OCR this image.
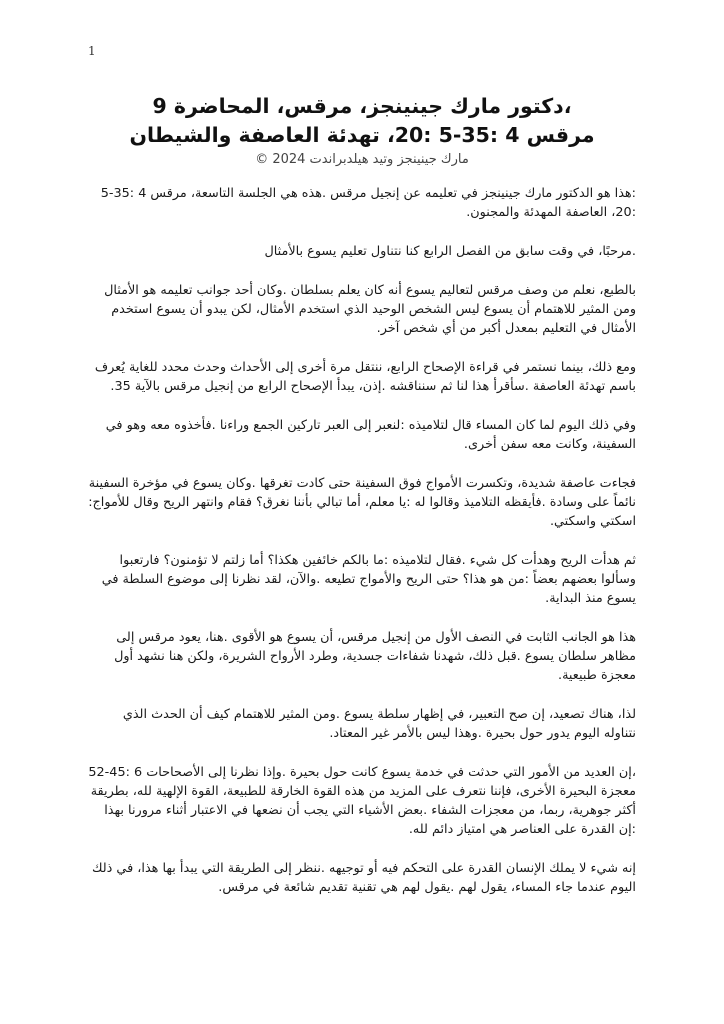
1
،دكتور مارك جينينجز، مرقس، المحاضرة 9
مرقس 4 :35-5 :20، تهدئة العاصفة والشيطان
مارك جينينجز وتيد هيلدبراندت 2024 ©

:هذا هو الدكتور مارك جينينجز في تعليمه عن إنجيل مرقس .هذه هي الجلسة التاسعة، مرقس 4 :35-5 :20، العاصفة المهدئة والمجنون.

.مرحبًا، في وقت سابق من الفصل الرابع كنا نتناول تعليم يسوع بالأمثال

بالطبع، نعلم من وصف مرقس لتعاليم يسوع أنه كان يعلم بسلطان .وكان أحد جوانب تعليمه هو الأمثال ومن المثير للاهتمام أن يسوع ليس الشخص الوحيد الذي استخدم الأمثال، لكن يبدو أن يسوع استخدم الأمثال في التعليم بمعدل أكبر من أي شخص آخر.

ومع ذلك، بينما نستمر في قراءة الإصحاح الرابع، ننتقل مرة أخرى إلى الأحداث وحدث محدد للغاية يُعرف باسم تهدئة العاصفة .سأقرأ هذا لنا ثم سنناقشه .إذن، يبدأ الإصحاح الرابع من إنجيل مرقس بالآية 35.

وفي ذلك اليوم لما كان المساء قال لتلاميذه :لنعبر إلى العبر تاركين الجمع وراءنا .فأخذوه معه وهو في السفينة، وكانت معه سفن أخرى.

فجاءت عاصفة شديدة، وتكسرت الأمواج فوق السفينة حتى كادت تغرقها .وكان يسوع في مؤخرة السفينة نائماً على وسادة .فأيقظه التلاميذ وقالوا له :يا معلم، أما تبالي بأننا نغرق؟ فقام وانتهر الريح وقال للأمواج: اسكتي واسكتي.

ثم هدأت الريح وهدأت كل شيء .فقال لتلاميذه :ما بالكم خائفين هكذا؟ أما زلتم لا تؤمنون؟ فارتعبوا وسألوا بعضهم بعضاً :من هو هذا؟ حتى الريح والأمواج تطيعه .والآن، لقد نظرنا إلى موضوع السلطة في يسوع منذ البداية.

هذا هو الجانب الثابت في النصف الأول من إنجيل مرقس، أن يسوع هو الأقوى .هنا، يعود مرقس إلى مظاهر سلطان يسوع .قبل ذلك، شهدنا شفاءات جسدية، وطرد الأرواح الشريرة، ولكن هنا نشهد أول معجزة طبيعية.

لذا، هناك تصعيد، إن صح التعبير، في إظهار سلطة يسوع .ومن المثير للاهتمام كيف أن الحدث الذي نتناوله اليوم يدور حول بحيرة .وهذا ليس بالأمر غير المعتاد.

،إن العديد من الأمور التي حدثت في خدمة يسوع كانت حول بحيرة .وإذا نظرنا إلى الأصحاحات 6 :45-52 معجزة البحيرة الأخرى، فإننا نتعرف على المزيد من هذه القوة الخارقة للطبيعة، القوة الإلهية لله، بطريقة أكثر جوهرية، ربما، من معجزات الشفاء .بعض الأشياء التي يجب أن نضعها في الاعتبار أثناء مرورنا بهذا :إن القدرة على العناصر هي امتياز دائم لله.

إنه شيء لا يملك الإنسان القدرة على التحكم فيه أو توجيهه .ننظر إلى الطريقة التي يبدأ بها هذا، في ذلك اليوم عندما جاء المساء، يقول لهم .يقول لهم هي تقنية تقديم شائعة في مرقس.
